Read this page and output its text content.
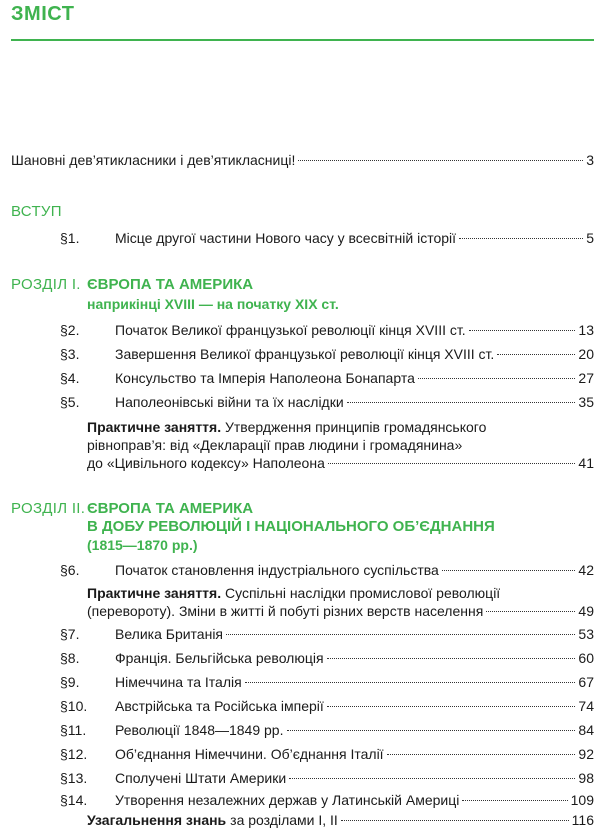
ЗМІСТ
Шановні дев’ятикласники і дев’ятикласниці!	3
ВСТУП
§1.	Місце другої частини Нового часу у всесвітній історії	5
РОЗДІЛ І. ЄВРОПА ТА АМЕРИКА
наприкінці XVIII — на початку XIX ст.
§2.	Початок Великої французької революції кінця XVIII ст.	13
§3.	Завершення Великої французької революції кінця XVIII ст.	20
§4.	Консульство та Імперія Наполеона Бонапарта	27
§5.	Наполеонівські війни та їх наслідки	35
Практичне заняття. Утвердження принципів громадянського
рівноправ’я: від «Декларації прав людини і громадянина»
до «Цивільного кодексу» Наполеона	41
РОЗДІЛ ІІ. ЄВРОПА ТА АМЕРИКА
В ДОБУ РЕВОЛЮЦІЙ І НАЦІОНАЛЬНОГО ОБ’ЄДНАННЯ
(1815—1870 рр.)
§6.	Початок становлення індустріального суспільства	42
Практичне заняття. Суспільні наслідки промислової революції
(перевороту). Зміни в житті й побуті різних верств населення	49
§7.	Велика Британія	53
§8.	Франція. Бельгійська революція	60
§9.	Німеччина та Італія	67
§10.	Австрійська та Російська імперії	74
§11.	Революції 1848—1849 рр.	84
§12.	Об’єднання Німеччини. Об’єднання Італії	92
§13.	Сполучені Штати Америки	98
§14.	Утворення незалежних держав у Латинській Америці	109
Узагальнення знань за розділами І, ІІ	116
